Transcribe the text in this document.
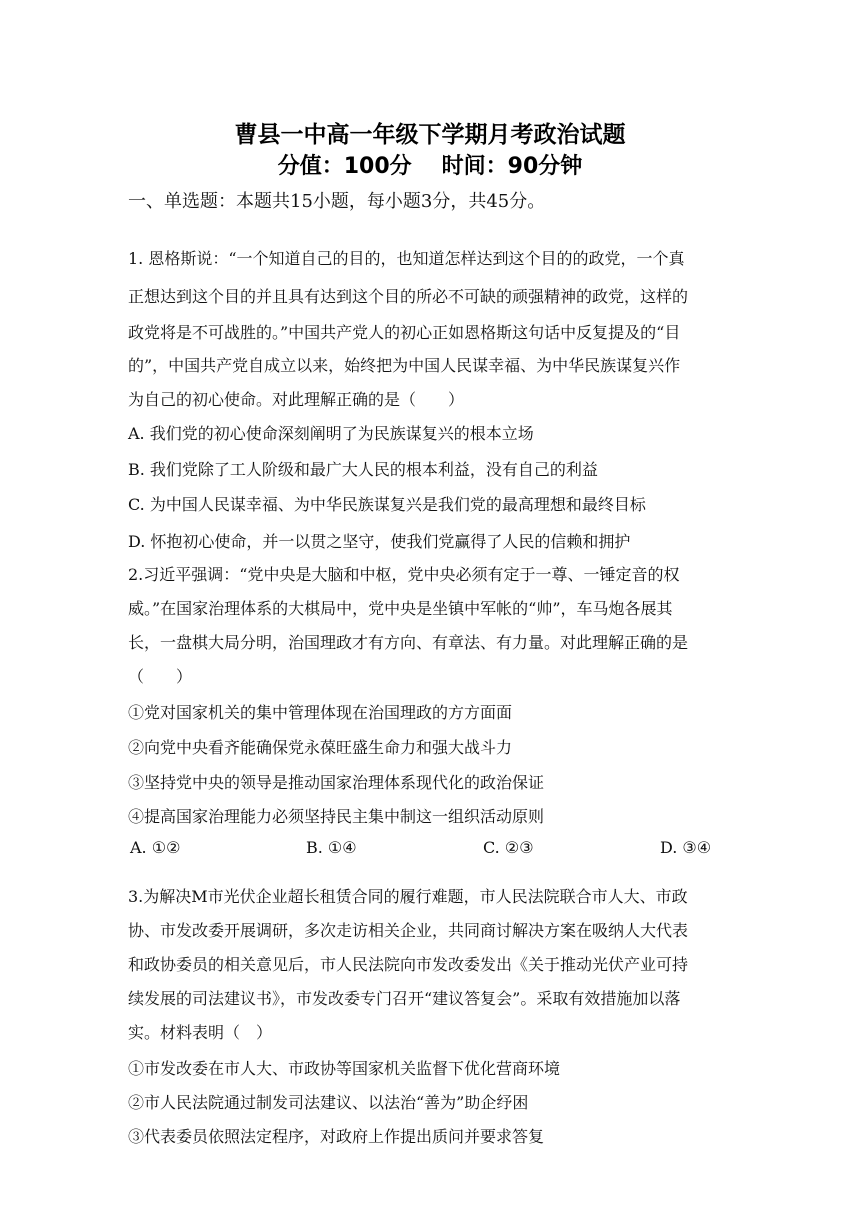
曹县一中高一年级下学期月考政治试题
分值：100分 时间：90分钟
一、单选题：本题共15小题，每小题3分，共45分。
1. 恩格斯说：“一个知道自己的目的，也知道怎样达到这个目的的政党，一个真
正想达到这个目的并且具有达到这个目的所必不可缺的顽强精神的政党，这样的
政党将是不可战胜的。”中国共产党人的初心正如恩格斯这句话中反复提及的“目
的”，中国共产党自成立以来，始终把为中国人民谋幸福、为中华民族谋复兴作
为自己的初心使命。对此理解正确的是（　　）
A. 我们党的初心使命深刻阐明了为民族谋复兴的根本立场
B. 我们党除了工人阶级和最广大人民的根本利益，没有自己的利益
C. 为中国人民谋幸福、为中华民族谋复兴是我们党的最高理想和最终目标
D. 怀抱初心使命，并一以贯之坚守，使我们党赢得了人民的信赖和拥护
2.习近平强调：“党中央是大脑和中枢，党中央必须有定于一尊、一锤定音的权
威。”在国家治理体系的大棋局中，党中央是坐镇中军帐的“帅”，车马炮各展其
长，一盘棋大局分明，治国理政才有方向、有章法、有力量。对此理解正确的是
（　　）
①党对国家机关的集中管理体现在治国理政的方方面面
②向党中央看齐能确保党永葆旺盛生命力和强大战斗力
③坚持党中央的领导是推动国家治理体系现代化的政治保证
④提高国家治理能力必须坚持民主集中制这一组织活动原则
A. ①②	B. ①④	C. ②③	D. ③④
3.为解决M市光伏企业超长租赁合同的履行难题，市人民法院联合市人大、市政
协、市发改委开展调研，多次走访相关企业，共同商讨解决方案在吸纳人大代表
和政协委员的相关意见后，市人民法院向市发改委发出《关于推动光伏产业可持
续发展的司法建议书》，市发改委专门召开“建议答复会”。采取有效措施加以落
实。材料表明（　）
①市发改委在市人大、市政协等国家机关监督下优化营商环境
②市人民法院通过制发司法建议、以法治“善为”助企纾困
③代表委员依照法定程序，对政府上作提出质问并要求答复
